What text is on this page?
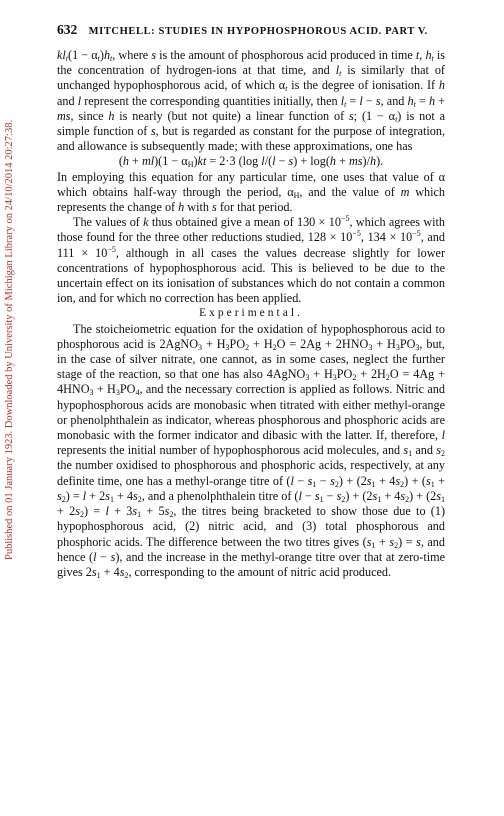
Published on 01 January 1923. Downloaded by University of Michigan Library on 24/10/2014 20:27:38.
632 MITCHELL: STUDIES IN HYPOPHOSPHOROUS ACID. PART V.

$kl_t(1 - \alpha_t)h_t$, where s is the amount of phosphorous acid produced in time t, $h_t$ is the concentration of hydrogen-ions at that time, and $l_t$ is similarly that of unchanged hypophosphorous acid, of which $\alpha_t$ is the degree of ionisation. If h and l represent the corresponding quantities initially, then $l_t = l - s$, and $h_t = h$ + ms, since h is nearly (but not quite) a linear function of s; $(1 - \alpha_t)$ is not a simple function of s, but is regarded as constant for the purpose of integration, and allowance is subsequently made; with these approximations, one has

$(h + ml)(1 - \alpha_H)kt = 2\cdot 3$ (log l/(l − s) + log(h + ms)/h).

In employing this equation for any particular time, one uses that value of α which obtains half-way through the period, $\alpha_H$, and the value of m which represents the change of h with s for that period.

The values of k thus obtained give a mean of $130 \times 10^{-5}$, which agrees with those found for the three other reductions studied, $128 \times 10^{-5}$, $134 \times 10^{-5}$, and $111 \times 10^{-5}$, although in all cases the values decrease slightly for lower concentrations of hypophosphorous acid. This is believed to be due to the uncertain effect on its ionisation of substances which do not contain a common ion, and for which no correction has been applied.

Experimental.

The stoicheiometric equation for the oxidation of hypophosphorous acid to phosphorous acid is 2AgNO$_3$ + $H_3PO_2 + H_2O = 2Ag + 2HNO_3 + H_3PO_3$, but, in the case of silver nitrate, one cannot, as in some cases, neglect the further stage of the reaction, so that one has also 4AgNO$_3$ + $H_3PO_2 + 2H_2O = 4Ag + 4HNO_3 + H_3PO_4$, and the necessary correction is applied as follows. Nitric and hypophosphorous acids are monobasic when titrated with either methyl-orange or phenolphthalein as indicator, whereas phosphorous and phosphoric acids are monobasic with the former indicator and dibasic with the latter. If, therefore, l represents the initial number of hypophosphorous acid molecules, and $s_1$ and $s_2$ the number oxidised to phosphorous and phosphoric acids, respectively, at any definite time, one has a methyl-orange titre of $(l - s_1 - s_2) + (2s_1 + 4s_2) + (s_1 + s_2) = l + 2s_1 + 4s_2$, and a phenolphthalein titre of $(l - s_1 - s_2) + (2s_1 + 4s_2) + (2s_1 + 2s_2) = l + 3s_1 + 5s_2$, the titres being bracketed to show those due to (1) hypophosphorous acid, (2) nitric acid, and (3) total phosphorous and phosphoric acids. The difference between the two titres gives $(s_1 + s_2) = s$, and hence (l − s), and the increase in the methyl-orange titre over that at zero-time gives $2s_1 + 4s_2$, corresponding to the amount of nitric acid produced.
